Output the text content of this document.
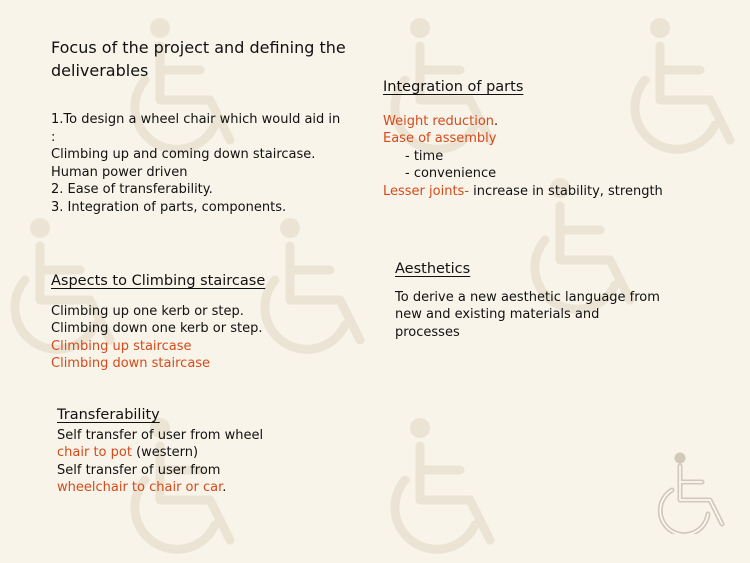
Focus of the project and defining the deliverables
1.To design a wheel chair which would aid in :
Climbing up and coming down staircase.
Human power driven
2. Ease of transferability.
3. Integration of parts, components.
Integration of parts
Weight reduction.
Ease of assembly
- time
- convenience
Lesser joints- increase in stability, strength
Aspects to Climbing staircase
Climbing up one kerb or step.
Climbing down one kerb or step.
Climbing up staircase
Climbing down staircase
Aesthetics
To derive a new aesthetic language from new and existing materials and processes
Transferability
Self transfer of user from wheel
chair to pot (western)
Self transfer of user from
wheelchair to chair or car.
